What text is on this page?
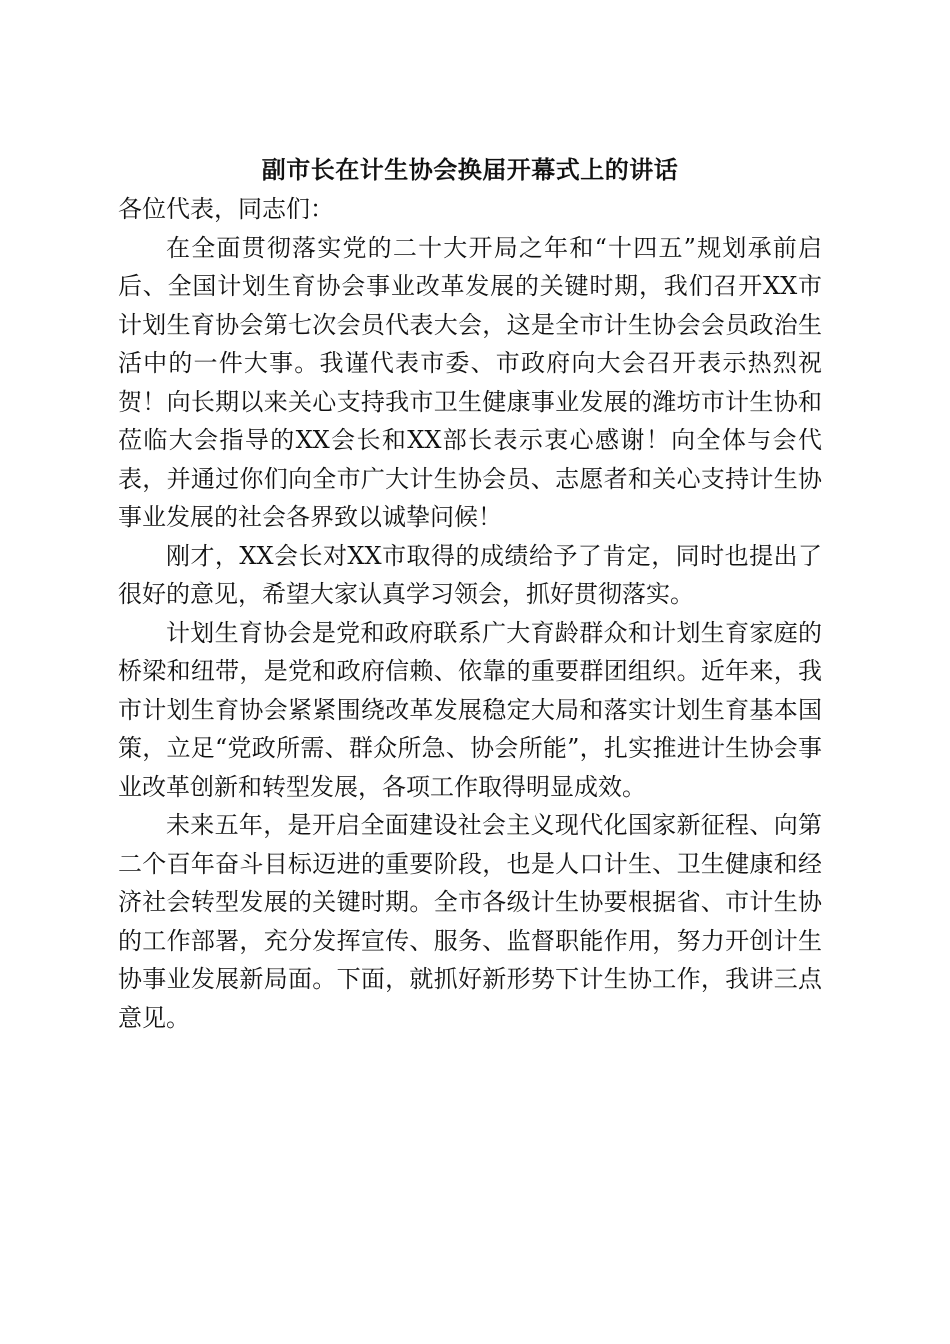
副市长在计生协会换届开幕式上的讲话

各位代表，同志们：

在全面贯彻落实党的二十大开局之年和“十四五”规划承前启后、全国计划生育协会事业改革发展的关键时期，我们召开XX市计划生育协会第七次会员代表大会，这是全市计生协会会员政治生活中的一件大事。我谨代表市委、市政府向大会召开表示热烈祝贺！向长期以来关心支持我市卫生健康事业发展的潍坊市计生协和莅临大会指导的XX会长和XX部长表示衷心感谢！向全体与会代表，并通过你们向全市广大计生协会员、志愿者和关心支持计生协事业发展的社会各界致以诚挚问候！

刚才，XX会长对XX市取得的成绩给予了肯定，同时也提出了很好的意见，希望大家认真学习领会，抓好贯彻落实。

计划生育协会是党和政府联系广大育龄群众和计划生育家庭的桥梁和纽带，是党和政府信赖、依靠的重要群团组织。近年来，我市计划生育协会紧紧围绕改革发展稳定大局和落实计划生育基本国策，立足“党政所需、群众所急、协会所能”，扎实推进计生协会事业改革创新和转型发展，各项工作取得明显成效。

未来五年，是开启全面建设社会主义现代化国家新征程、向第二个百年奋斗目标迈进的重要阶段，也是人口计生、卫生健康和经济社会转型发展的关键时期。全市各级计生协要根据省、市计生协的工作部署，充分发挥宣传、服务、监督职能作用，努力开创计生协事业发展新局面。下面，就抓好新形势下计生协工作，我讲三点意见。
